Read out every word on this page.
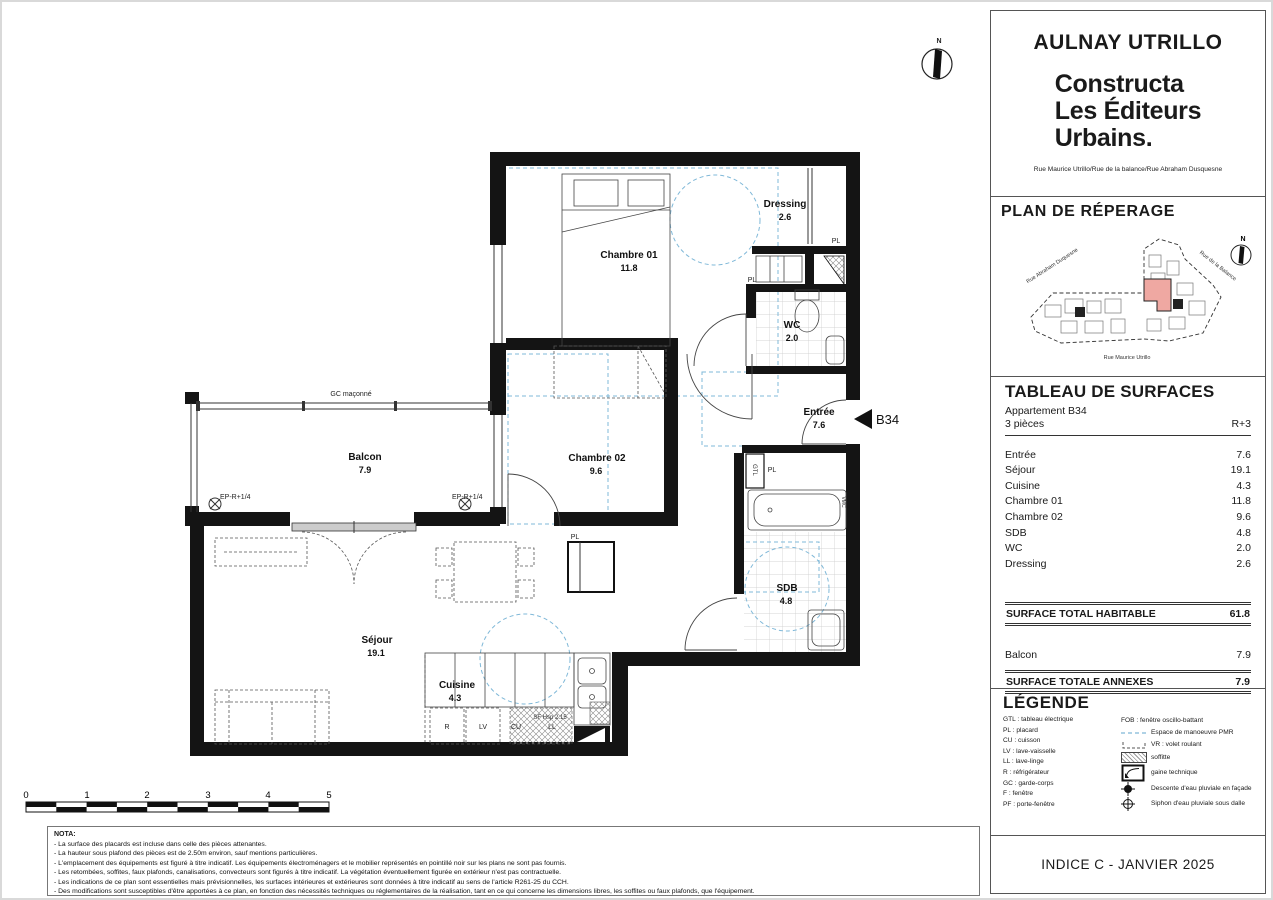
B34
N
Chambre 01
11.8
Dressing
2.6
WC
2.0
Entrée
7.6
Chambre 02
9.6
Balcon
7.9
Séjour
19.1
Cuisine
4.3
SDB
4.8
GC maçonné
EP-R+1/4	EP-R+1/4
PL
PL
PL
PL
GTL
VMC
R	LV	CU	LL
SF Hsp 2.15
0	1	2	3	4	5
NOTA:
- La surface des placards est incluse dans celle des pièces attenantes.
- La hauteur sous plafond des pièces est de 2.50m environ, sauf mentions particulières.
- L'emplacement des équipements est figuré à titre indicatif. Les équipements électroménagers et le mobilier représentés en pointillé noir sur les plans ne sont pas fournis.
- Les retombées, soffites, faux plafonds, canalisations, convecteurs sont figurés à titre indicatif. La végétation éventuellement figurée en extérieur n'est pas contractuelle.
- Les indications de ce plan sont essentielles mais prévisionnelles, les surfaces intérieures et extérieures sont données à titre indicatif au sens de l'article R261-25 du CCH.
- Des modifications sont susceptibles d'être apportées à ce plan, en fonction des nécessités techniques ou réglementaires de la réalisation, tant en ce qui concerne les dimensions libres, les soffites ou faux plafonds, que l'équipement.
AULNAY UTRILLO
Constructa
Les Éditeurs
Urbains.
Rue Maurice Utrillo/Rue de la balance/Rue Abraham Dusquesne
PLAN DE RÉPERAGE
N
Rue Abraham Duquesne	Rue de la Balance
Rue Maurice Utrillo
TABLEAU DE SURFACES
Appartement B34
3 pièces	R+3
Entrée	7.6
Séjour	19.1
Cuisine	4.3
Chambre 01	11.8
Chambre 02	9.6
SDB	4.8
WC	2.0
Dressing	2.6
SURFACE TOTAL HABITABLE	61.8
Balcon	7.9
SURFACE TOTALE ANNEXES	7.9
LÉGENDE
GTL : tableau électrique
PL : placard
CU : cuisson
LV : lave-vaisselle
LL : lave-linge
R : réfrigérateur
GC : garde-corps
F : fenêtre
PF : porte-fenêtre
FOB : fenêtre oscillo-battant
Espace de manoeuvre PMR
VR : volet roulant
soffitte
gaine technique
Descente d'eau pluviale en façade
Siphon d'eau pluviale sous dalle
INDICE C - JANVIER 2025
